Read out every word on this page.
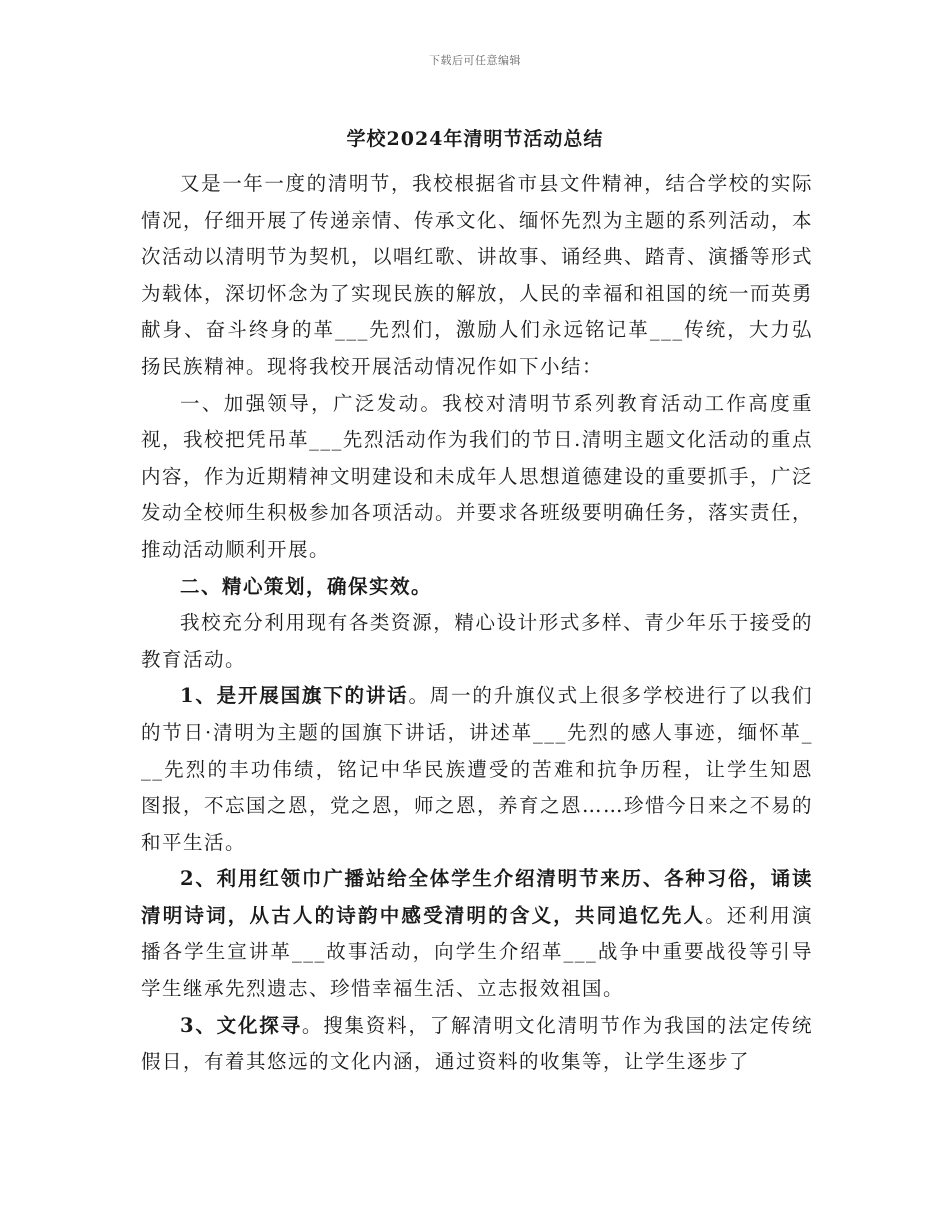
下载后可任意编辑
学校2024年清明节活动总结

又是一年一度的清明节，我校根据省市县文件精神，结合学校的实际情况，仔细开展了传递亲情、传承文化、缅怀先烈为主题的系列活动，本次活动以清明节为契机，以唱红歌、讲故事、诵经典、踏青、演播等形式为载体，深切怀念为了实现民族的解放，人民的幸福和祖国的统一而英勇献身、奋斗终身的革___先烈们，激励人们永远铭记革___传统，大力弘扬民族精神。现将我校开展活动情况作如下小结：

一、加强领导，广泛发动。我校对清明节系列教育活动工作高度重视，我校把凭吊革___先烈活动作为我们的节日.清明主题文化活动的重点内容，作为近期精神文明建设和未成年人思想道德建设的重要抓手，广泛发动全校师生积极参加各项活动。并要求各班级要明确任务，落实责任，推动活动顺利开展。

二、精心策划，确保实效。

我校充分利用现有各类资源，精心设计形式多样、青少年乐于接受的教育活动。

1、是开展国旗下的讲话。周一的升旗仪式上很多学校进行了以我们的节日·清明为主题的国旗下讲话，讲述革___先烈的感人事迹，缅怀革___先烈的丰功伟绩，铭记中华民族遭受的苦难和抗争历程，让学生知恩图报，不忘国之恩，党之恩，师之恩，养育之恩……珍惜今日来之不易的和平生活。

2、利用红领巾广播站给全体学生介绍清明节来历、各种习俗，诵读清明诗词，从古人的诗韵中感受清明的含义，共同追忆先人。还利用演播各学生宣讲革___故事活动，向学生介绍革___战争中重要战役等引导学生继承先烈遗志、珍惜幸福生活、立志报效祖国。

3、文化探寻。搜集资料，了解清明文化清明节作为我国的法定传统假日，有着其悠远的文化内涵，通过资料的收集等，让学生逐步了
